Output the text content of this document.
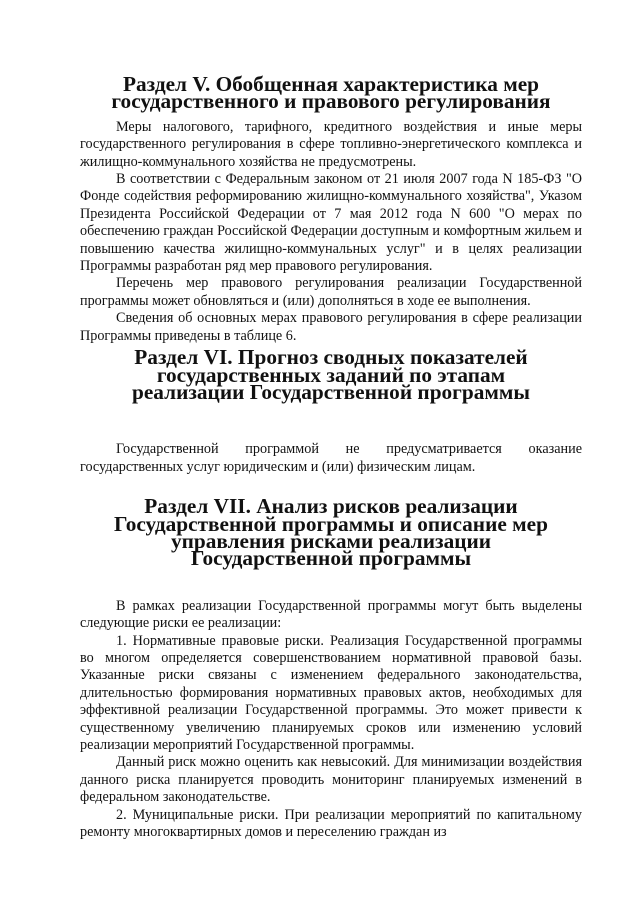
Раздел V. Обобщенная характеристика мер государственного и правового регулирования

Меры налогового, тарифного, кредитного воздействия и иные меры государственного регулирования в сфере топливно-энергетического комплекса и жилищно-коммунального хозяйства не предусмотрены.

В соответствии с Федеральным законом от 21 июля 2007 года N 185-ФЗ "О Фонде содействия реформированию жилищно-коммунального хозяйства", Указом Президента Российской Федерации от 7 мая 2012 года N 600 "О мерах по обеспечению граждан Российской Федерации доступным и комфортным жильем и повышению качества жилищно-коммунальных услуг" и в целях реализации Программы разработан ряд мер правового регулирования.

Перечень мер правового регулирования реализации Государственной программы может обновляться и (или) дополняться в ходе ее выполнения.

Сведения об основных мерах правового регулирования в сфере реализации Программы приведены в таблице 6.

Раздел VI. Прогноз сводных показателей государственных заданий по этапам реализации Государственной программы

Государственной программой не предусматривается оказание государственных услуг юридическим и (или) физическим лицам.

Раздел VII. Анализ рисков реализации Государственной программы и описание мер управления рисками реализации Государственной программы

В рамках реализации Государственной программы могут быть выделены следующие риски ее реализации:

1. Нормативные правовые риски. Реализация Государственной программы во многом определяется совершенствованием нормативной правовой базы. Указанные риски связаны с изменением федерального законодательства, длительностью формирования нормативных правовых актов, необходимых для эффективной реализации Государственной программы. Это может привести к существенному увеличению планируемых сроков или изменению условий реализации мероприятий Государственной программы.

Данный риск можно оценить как невысокий. Для минимизации воздействия данного риска планируется проводить мониторинг планируемых изменений в федеральном законодательстве.

2. Муниципальные риски. При реализации мероприятий по капитальному ремонту многоквартирных домов и переселению граждан из
